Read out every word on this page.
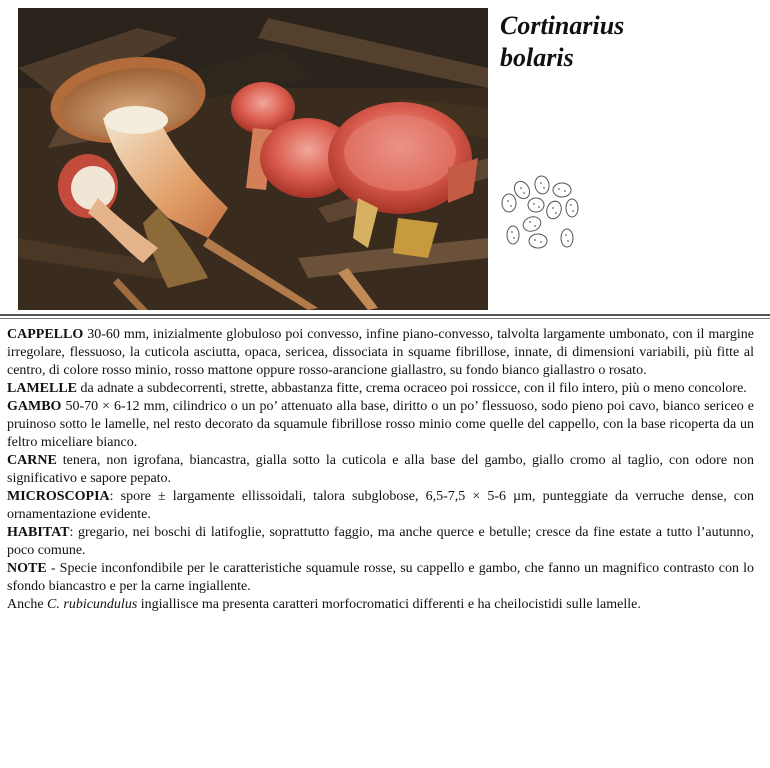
Cortinarius
bolaris

CAPPELLO 30-60 mm, inizialmente globuloso poi convesso, infine piano-convesso, talvolta largamente umbonato, con il margine irregolare, flessuoso, la cuticola asciutta, opaca, sericea, dissociata in squame fibrillose, innate, di dimensioni variabili, più fitte al centro, di colore rosso minio, rosso mattone oppure rosso-arancione giallastro, su fondo bianco giallastro o rosato.

LAMELLE da adnate a subdecorrenti, strette, abbastanza fitte, crema ocraceo poi rossicce, con il filo intero, più o meno concolore.

GAMBO 50-70 × 6-12 mm, cilindrico o un po’ attenuato alla base, diritto o un po’ flessuoso, sodo pieno poi cavo, bianco sericeo e pruinoso sotto le lamelle, nel resto decorato da squamule fibrillose rosso minio come quelle del cappello, con la base ricoperta da un feltro miceliare bianco.

CARNE tenera, non igrofana, biancastra, gialla sotto la cuticola e alla base del gambo, giallo cromo al taglio, con odore non significativo e sapore pepato.

MICROSCOPIA: spore ± largamente ellissoidali, talora subglobose, 6,5-7,5 × 5-6 µm, punteggiate da verruche dense, con ornamentazione evidente.

HABITAT: gregario, nei boschi di latifoglie, soprattutto faggio, ma anche querce e betulle; cresce da fine estate a tutto l’autunno, poco comune.

NOTE - Specie inconfondibile per le caratteristiche squamule rosse, su cappello e gambo, che fanno un magnifico contrasto con lo sfondo biancastro e per la carne ingiallente.

Anche C. rubicundulus ingiallisce ma presenta caratteri morfocromatici differenti e ha cheilocistidi sulle lamelle.
